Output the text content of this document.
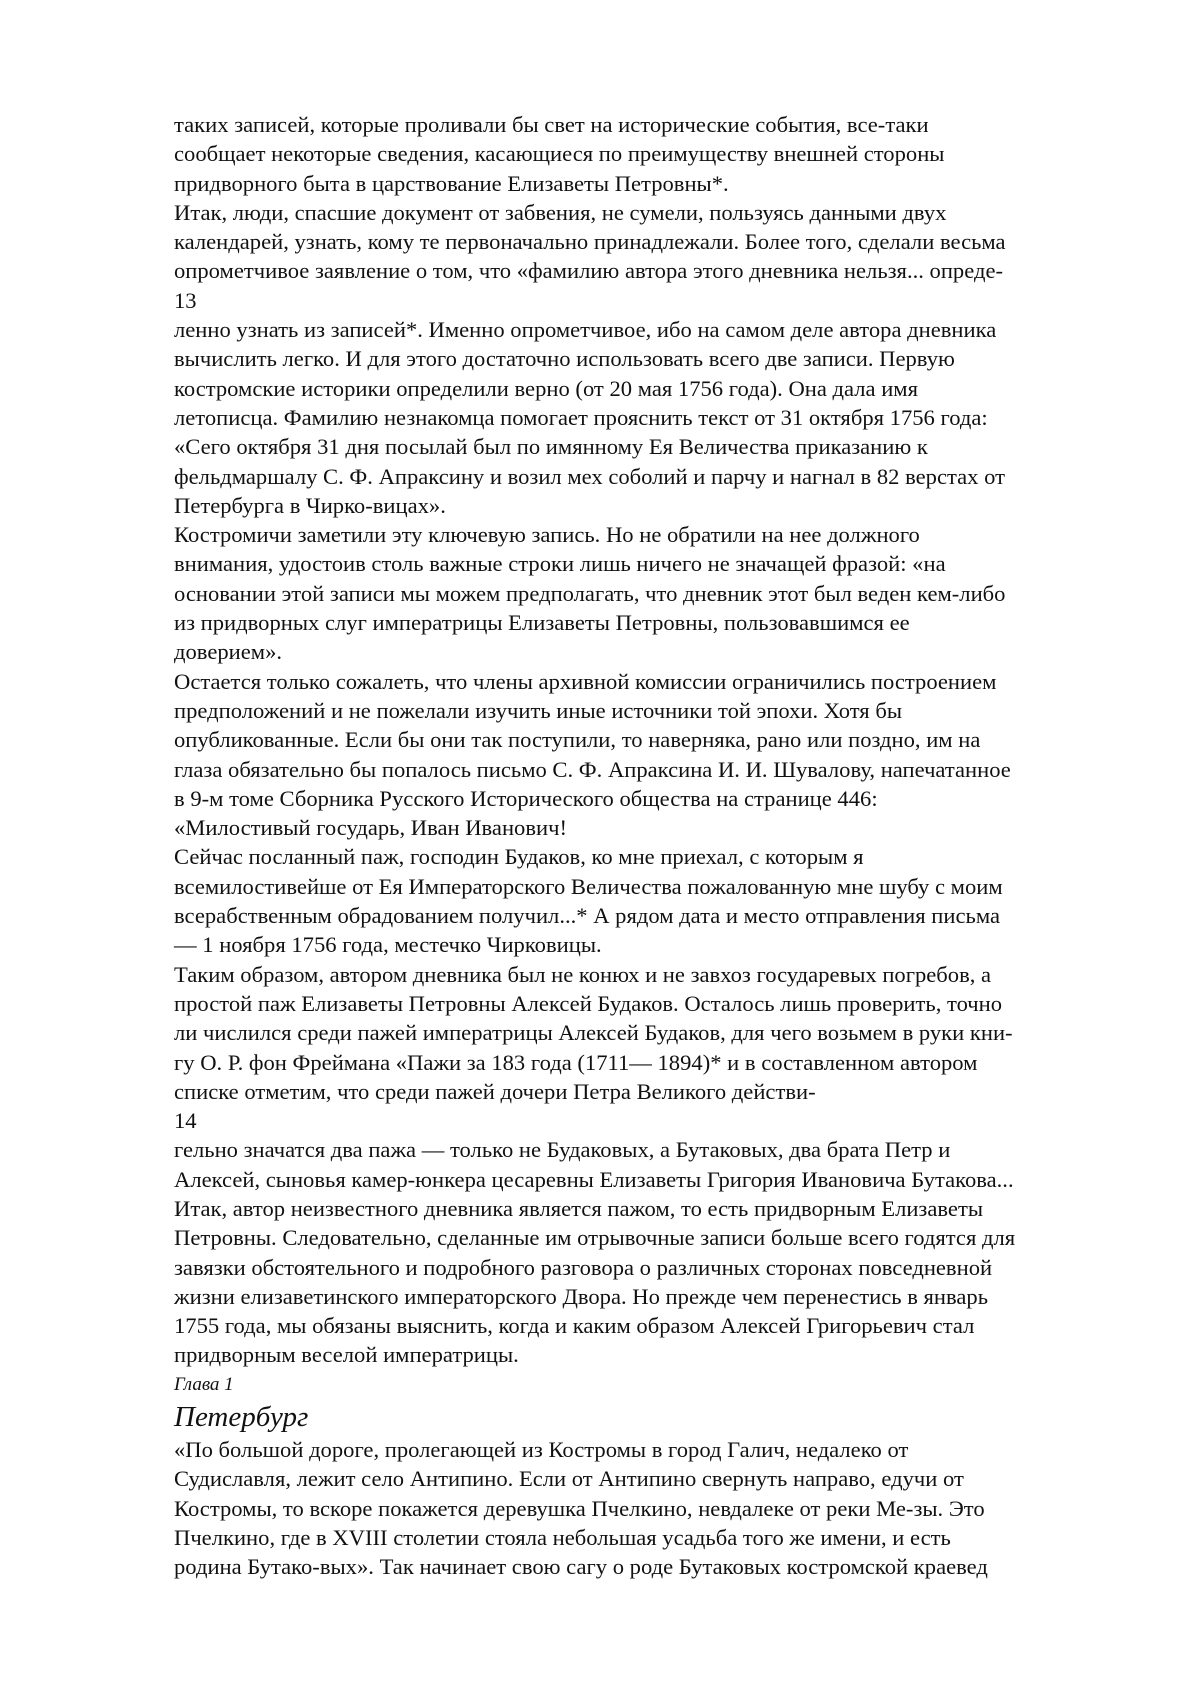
таких записей, которые проливали бы свет на исторические события, все-таки
сообщает некоторые сведения, касающиеся по преимуществу внешней стороны
придворного быта в царствование Елизаветы Петровны*.
Итак, люди, спасшие документ от забвения, не сумели, пользуясь данными двух
календарей, узнать, кому те первоначально принадлежали. Более того, сделали весьма
опрометчивое заявление о том, что «фамилию автора этого дневника нельзя... опреде-
13
ленно узнать из записей*. Именно опрометчивое, ибо на самом деле автора дневника
вычислить легко. И для этого достаточно использовать всего две записи. Первую
костромские историки определили верно (от 20 мая 1756 года). Она дала имя
летописца. Фамилию незнакомца помогает прояснить текст от 31 октября 1756 года:
«Сего октября 31 дня посылай был по имянному Ея Величества приказанию к
фельдмаршалу С. Ф. Апраксину и возил мех соболий и парчу и нагнал в 82 верстах от
Петербурга в Чирко-вицах».
Костромичи заметили эту ключевую запись. Но не обратили на нее должного
внимания, удостоив столь важные строки лишь ничего не значащей фразой: «на
основании этой записи мы можем предполагать, что дневник этот был веден кем-либо
из придворных слуг императрицы Елизаветы Петровны, пользовавшимся ее
доверием».
Остается только сожалеть, что члены архивной комиссии ограничились построением
предположений и не пожелали изучить иные источники той эпохи. Хотя бы
опубликованные. Если бы они так поступили, то наверняка, рано или поздно, им на
глаза обязательно бы попалось письмо С. Ф. Апраксина И. И. Шувалову, напечатанное
в 9-м томе Сборника Русского Исторического общества на странице 446:
«Милостивый государь, Иван Иванович!
Сейчас посланный паж, господин Будаков, ко мне приехал, с которым я
всемилостивейше от Ея Императорского Величества пожалованную мне шубу с моим
всерабственным обрадованием получил...* А рядом дата и место отправления письма
— 1 ноября 1756 года, местечко Чирковицы.
Таким образом, автором дневника был не конюх и не завхоз государевых погребов, а
простой паж Елизаветы Петровны Алексей Будаков. Осталось лишь проверить, точно
ли числился среди пажей императрицы Алексей Будаков, для чего возьмем в руки кни-
гу О. Р. фон Фреймана «Пажи за 183 года (1711— 1894)* и в составленном автором
списке отметим, что среди пажей дочери Петра Великого действи-
14
гельно значатся два пажа — только не Будаковых, а Бутаковых, два брата Петр и
Алексей, сыновья камер-юнкера цесаревны Елизаветы Григория Ивановича Бутакова...
Итак, автор неизвестного дневника является пажом, то есть придворным Елизаветы
Петровны. Следовательно, сделанные им отрывочные записи больше всего годятся для
завязки обстоятельного и подробного разговора о различных сторонах повседневной
жизни елизаветинского императорского Двора. Но прежде чем перенестись в январь
1755 года, мы обязаны выяснить, когда и каким образом Алексей Григорьевич стал
придворным веселой императрицы.
Глава 1
Петербург
«По большой дороге, пролегающей из Костромы в город Галич, недалеко от
Судиславля, лежит село Антипино. Если от Антипино свернуть направо, едучи от
Костромы, то вскоре покажется деревушка Пчелкино, невдалеке от реки Ме-зы. Это
Пчелкино, где в XVIII столетии стояла небольшая усадьба того же имени, и есть
родина Бутако-вых». Так начинает свою сагу о роде Бутаковых костромской краевед
